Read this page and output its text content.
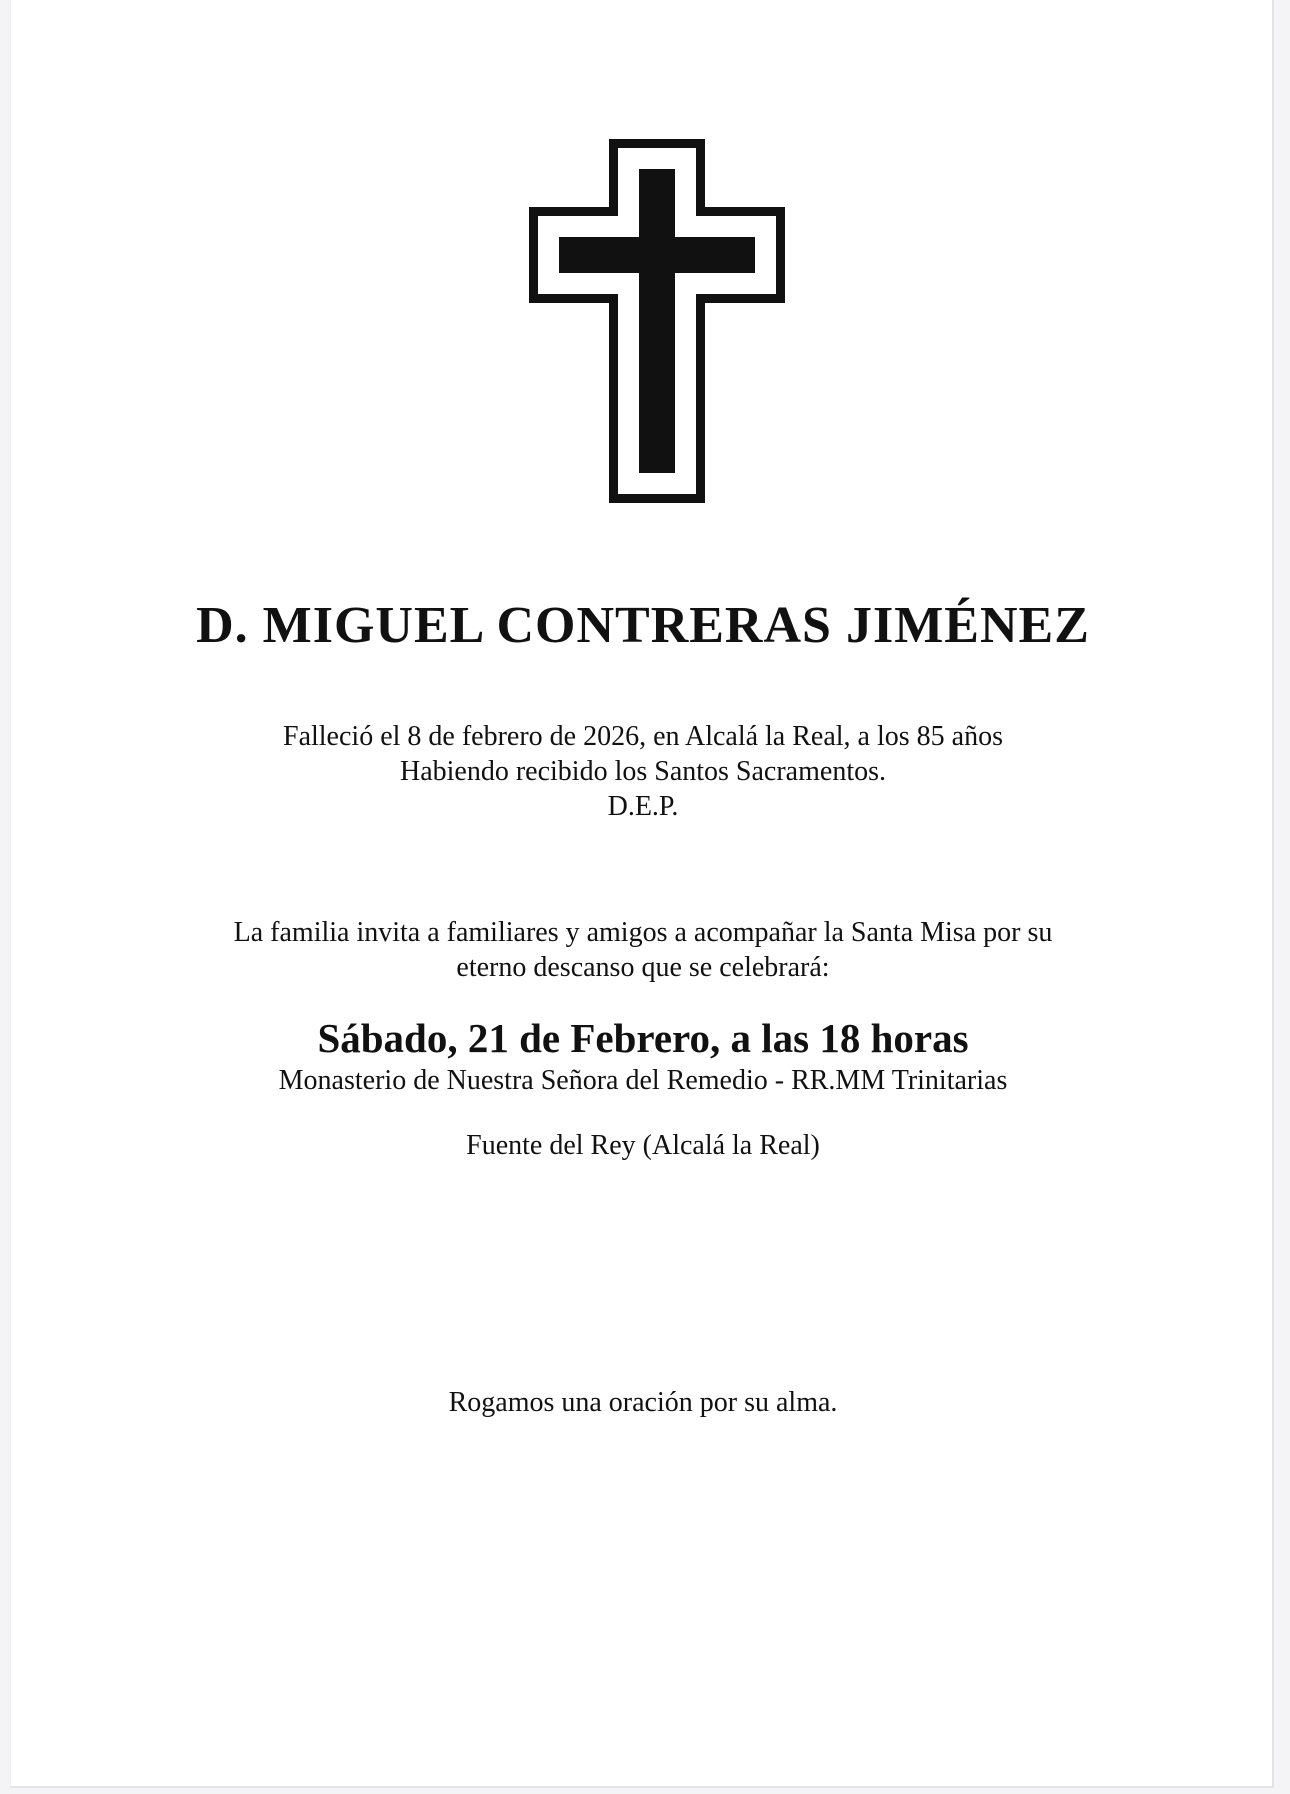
D. MIGUEL CONTRERAS JIMÉNEZ
Falleció el 8 de febrero de 2026, en Alcalá la Real, a los 85 años
Habiendo recibido los Santos Sacramentos.
D.E.P.
La familia invita a familiares y amigos a acompañar la Santa Misa por su
eterno descanso que se celebrará:
Sábado, 21 de Febrero, a las 18 horas
Monasterio de Nuestra Señora del Remedio - RR.MM Trinitarias
Fuente del Rey (Alcalá la Real)
Rogamos una oración por su alma.
